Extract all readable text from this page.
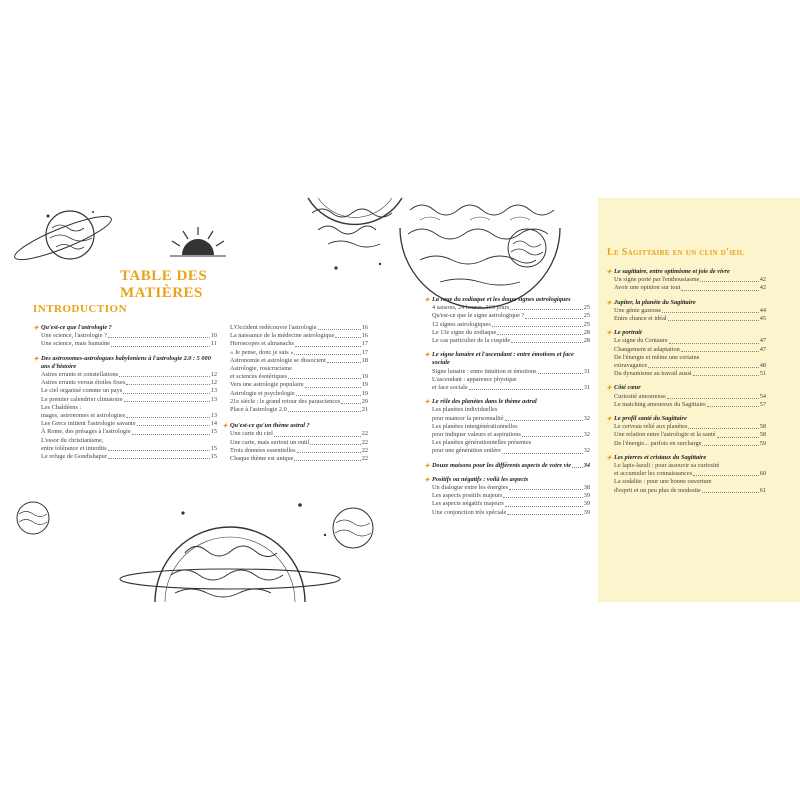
TABLE DES MATIÈRES
INTRODUCTION
✦ Qu'est-ce que l'astrologie ?
Une science, l'astrologie ?	10
Une science, mais humaine	11
✦ Des astronomes-astrologues babyloniens à l'astrologie 2.0 : 5 000 ans d'histoire
Astres errants et constellations	12
Astres errants versus étoiles fixes	12
Le ciel organisé comme un pays	13
Le premier calendrier climatoire	13
Les Chaldéens :
mages, astronomes et astrologues	13
Les Grecs initient l'astrologie savante	14
À Rome, des présages à l'astrologie	15
L'essor du christianisme,
entre tolérance et interdits	15
Le refuge de Gondishapur	15
L'Occident redécouvre l'astrologie	16
La naissance de la médecine astrologique	16
Horoscopes et almanachs	17
« Je pense, donc je suis »	17
Astronomie et astrologie se dissocient	18
Astrologie, rosicrucisme
et sciences ésotériques	19
Vers une astrologie populaire	19
Astrologie et psychologie	19
21e siècle : le grand retour des parasciences	20
Place à l'astrologie 2.0	21
✦ Qu'est-ce qu'un thème astral ?
Une carte du ciel	22
Une carte, mais surtout un outil	22
Trois données essentielles	22
Chaque thème est unique	22
✦ La roue du zodiaque et les douze signes astrologiques
4 saisons, 24 heures, 365 jours	25
Qu'est-ce que le signe astrologique ?	25
12 signes astrologiques	25
Le 13e signe du zodiaque	28
Le cas particulier de la cuspide	28
✦ Le signe lunaire et l'ascendant : entre émotions et face sociale
Signe lunaire : entre intuition et émotions	31
L'ascendant : apparence physique
et face sociale	31
✦ Le rôle des planètes dans le thème astral
Les planètes individuelles
pour nuancer la personnalité	32
Les planètes intergénérationnelles
pour indiquer valeurs et aspirations	32
Les planètes générationnelles présentes
pour une génération entière	32
✦ Douze maisons pour les différents aspects de votre vie 34
✦ Positifs ou négatifs : voilà les aspects
Un dialogue entre les énergies	38
Les aspects positifs majeurs	39
Les aspects négatifs majeurs	39
Une conjonction très spéciale	39
Le Sagittaire en un clin d'œil
✦ Le sagittaire, entre optimisme et joie de vivre
Un signe porté par l'enthousiasme	42
Avoir une opinion sur tout	42
✦ Jupiter, la planète du Sagittaire
Une génie gazeuse	44
Entre chance et idéal	45
✦ Le portrait
Le signe du Centaure	47
Changement et adaptation	47
De l'énergie et même une certaine
extravagance	48
Du dynamisme au travail aussi	51
✦ Côté cœur
Curiosité amoureuse	54
Le matching amoureux du Sagittaire	57
✦ Le profil santé du Sagittaire
Le cerveau relié aux planètes	58
Une relation entre l'astrologie et la santé	58
De l'énergie... parfois en surcharge	59
✦ Les pierres et cristaux du Sagittaire
Le lapis-lazuli : pour assouvir sa curiosité
et accumuler les connaissances	60
La sodalite : pour une bonne ouverture
d'esprit et un peu plus de modestie	61
